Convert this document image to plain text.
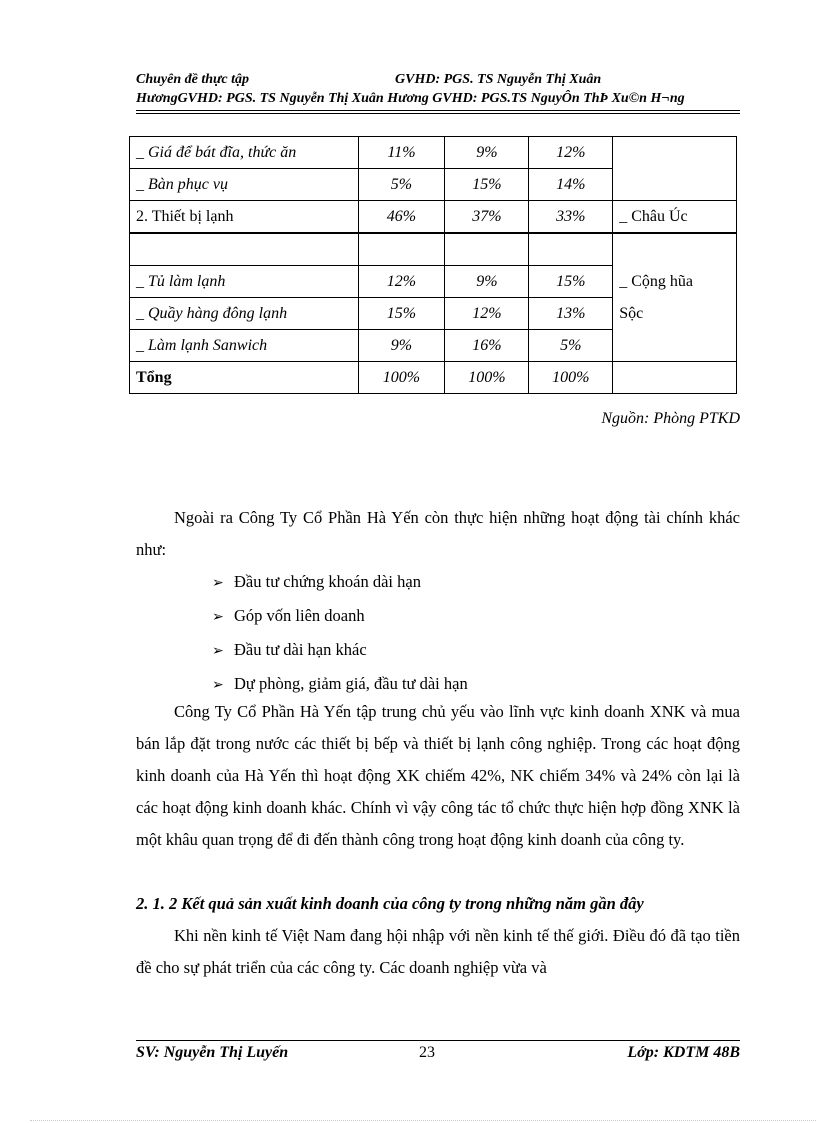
Chuyên đề thực tập	GVHD: PGS. TS Nguyễn Thị Xuân
HươngGVHD: PGS. TS Nguyễn Thị Xuân Hương GVHD: PGS.TS NguyÔn ThÞ Xu©n H¬ng
_ Giá để bát đĩa, thức ăn	11%	9%	12%	
_ Bàn phục vụ	5%	15%	14%	
2. Thiết bị lạnh	46%	37%	33%	_ Châu Úc
				_ Cộng hũa
Sộc
_ Tủ làm lạnh	12%	9%	15%	
_ Quầy hàng đông lạnh	15%	12%	13%	
_ Làm lạnh Sanwich	9%	16%	5%	
Tổng	100%	100%	100%	
Nguồn: Phòng PTKD
Ngoài ra Công Ty Cổ Phần Hà Yến còn thực hiện những hoạt động tài chính khác như:
➢ Đầu tư chứng khoán dài hạn
➢ Góp vốn liên doanh
➢ Đầu tư dài hạn khác
➢ Dự phòng, giảm giá, đầu tư dài hạn
Công Ty Cổ Phần Hà Yến tập trung chủ yếu vào lĩnh vực kinh doanh XNK và mua bán lắp đặt trong nước các thiết bị bếp và thiết bị lạnh công nghiệp. Trong các hoạt động kinh doanh của Hà Yến thì hoạt động XK chiếm 42%, NK chiếm 34% và 24% còn lại là các hoạt động kinh doanh khác. Chính vì vậy công tác tổ chức thực hiện hợp đồng XNK là một khâu quan trọng để đi đến thành công trong hoạt động kinh doanh của công ty.
2. 1. 2 Kết quả sản xuất kinh doanh của công ty trong những năm gần đây
Khi nền kinh tế Việt Nam đang hội nhập với nền kinh tế thế giới. Điều đó đã tạo tiền đề cho sự phát triển của các công ty. Các doanh nghiệp vừa và
SV: Nguyễn Thị Luyến	23	Lớp: KDTM 48B
